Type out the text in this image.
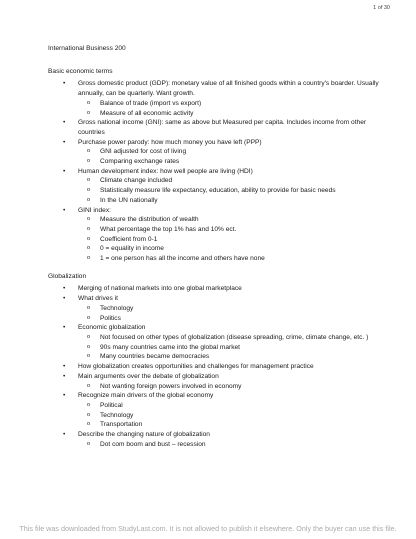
1 of 30
International Business 200
Basic economic terms
• Gross domestic product (GDP): monetary value of all finished goods within a country's boarder. Usually annually, can be quarterly. Want growth.
o Balance of trade (import vs export)
o Measure of all economic activity
• Gross national income (GNI): same as above but Measured per capita. Includes income from other countries
• Purchase power parody: how much money you have left (PPP)
o GNI adjusted for cost of living
o Comparing exchange rates
• Human development index: how well people are living (HDI)
o Climate change included
o Statistically measure life expectancy, education, ability to provide for basic needs
o In the UN nationally
• GINI index:
o Measure the distribution of wealth
o What percentage the top 1% has and 10% ect.
o Coefficient from 0-1
o 0 = equality in income
o 1 = one person has all the income and others have none
Globalization
• Merging of national markets into one global marketplace
• What drives it
o Technology
o Politics
• Economic globalization
o Not focused on other types of globalization (disease spreading, crime, climate change, etc. )
o 90s many countries came into the global market
o Many countries became democracies
• How globalization creates opportunities and challenges for management practice
• Main arguments over the debate of globalization
o Not wanting foreign powers involved in economy
• Recognize main drivers of the global economy
o Political
o Technology
o Transportation
• Describe the changing nature of globalization
o Dot com boom and bust – recession
This file was downloaded from StudyLast.com. It is not allowed to publish it elsewhere. Only the buyer can use this file.
